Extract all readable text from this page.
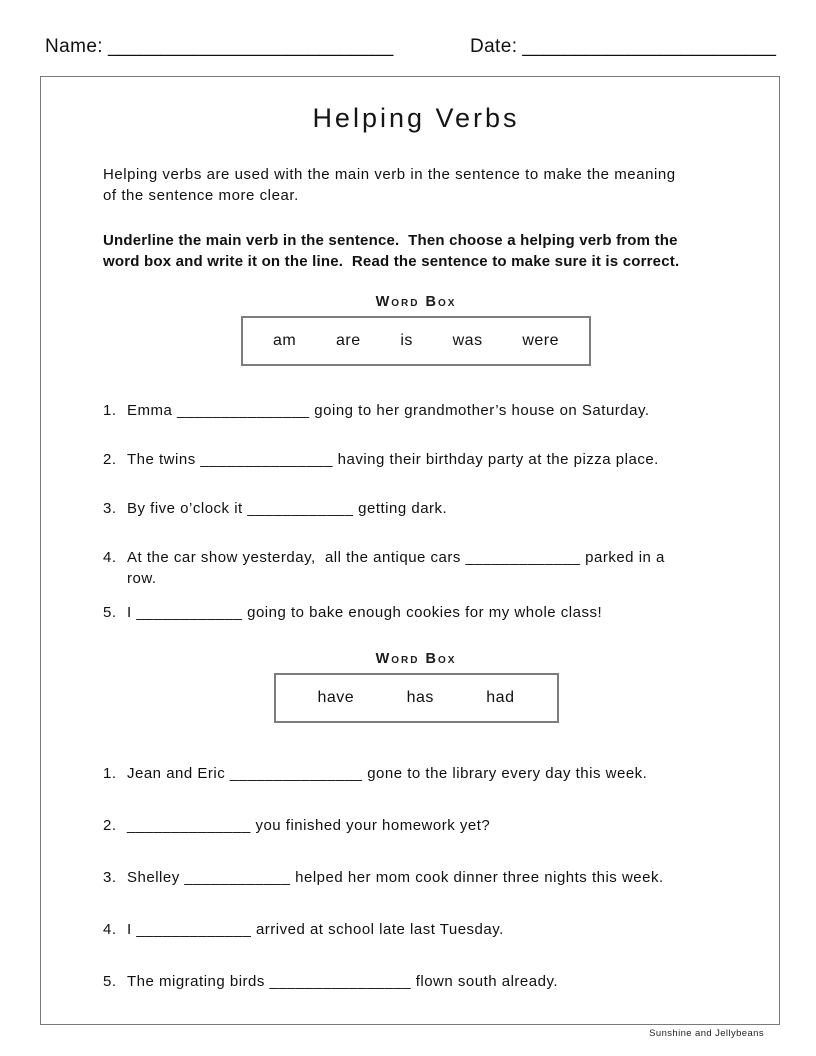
Name: ___________________________	Date: ________________________
Helping Verbs
Helping verbs are used with the main verb in the sentence to make the meaning
of the sentence more clear.
Underline the main verb in the sentence.  Then choose a helping verb from the
word box and write it on the line.  Read the sentence to make sure it is correct.
Word Box
am are is was were
1. Emma _______________ going to her grandmother’s house on Saturday.
2. The twins _______________ having their birthday party at the pizza place.
3. By five o’clock it ____________ getting dark.
4. At the car show yesterday,  all the antique cars _____________ parked in a
row.
5. I ____________ going to bake enough cookies for my whole class!
Word Box
have	has	had
1. Jean and Eric _______________ gone to the library every day this week.
2. ______________ you finished your homework yet?
3. Shelley ____________ helped her mom cook dinner three nights this week.
4. I _____________ arrived at school late last Tuesday.
5. The migrating birds ________________ flown south already.
Sunshine and Jellybeans
